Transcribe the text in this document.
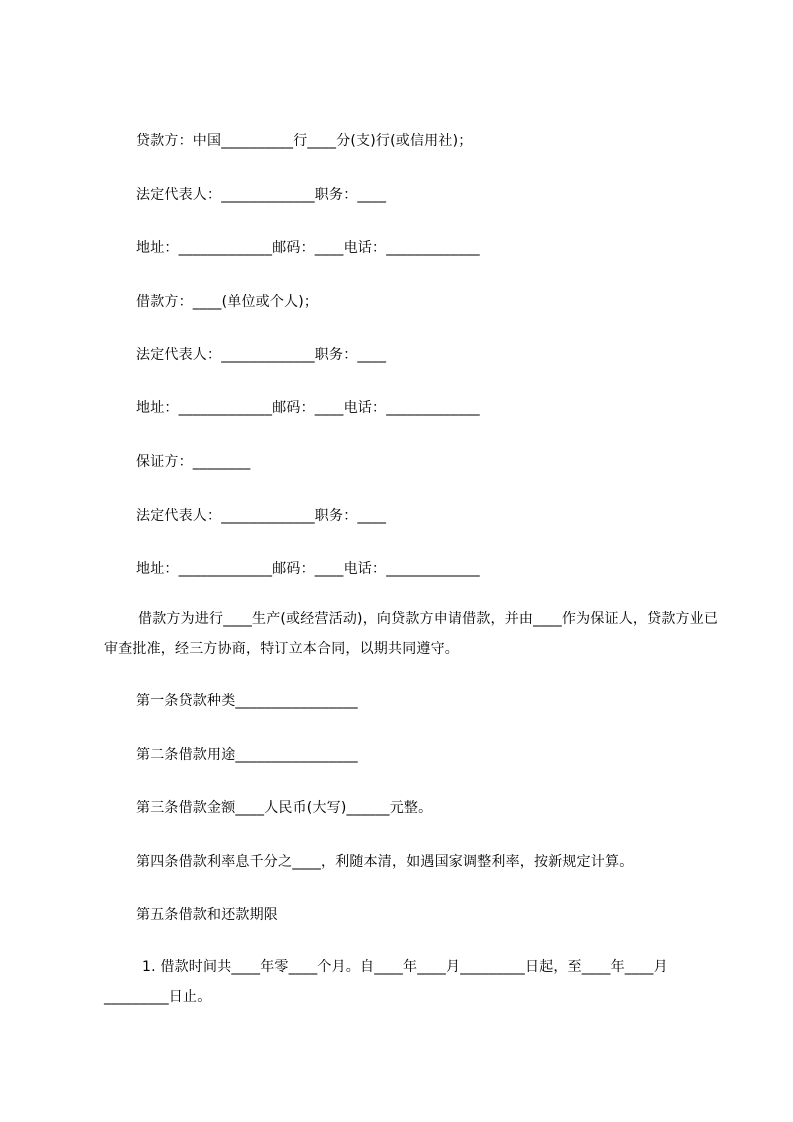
贷款方：中国__________行____分(支)行(或信用社)；
法定代表人：_____________职务：____
地址：_____________邮码：____电话：_____________
借款方：____(单位或个人)；
法定代表人：_____________职务：____
地址：_____________邮码：____电话：_____________
保证方：________
法定代表人：_____________职务：____
地址：_____________邮码：____电话：_____________
借款方为进行____生产(或经营活动)，向贷款方申请借款，并由____作为保证人，贷款方业已审查批准，经三方协商，特订立本合同，以期共同遵守。
第一条贷款种类_________________
第二条借款用途_________________
第三条借款金额____人民币(大写)______元整。
第四条借款利率息千分之____，利随本清，如遇国家调整利率，按新规定计算。
第五条借款和还款期限
1. 借款时间共____年零____个月。自____年____月_________日起，至____年____月_________日止。
